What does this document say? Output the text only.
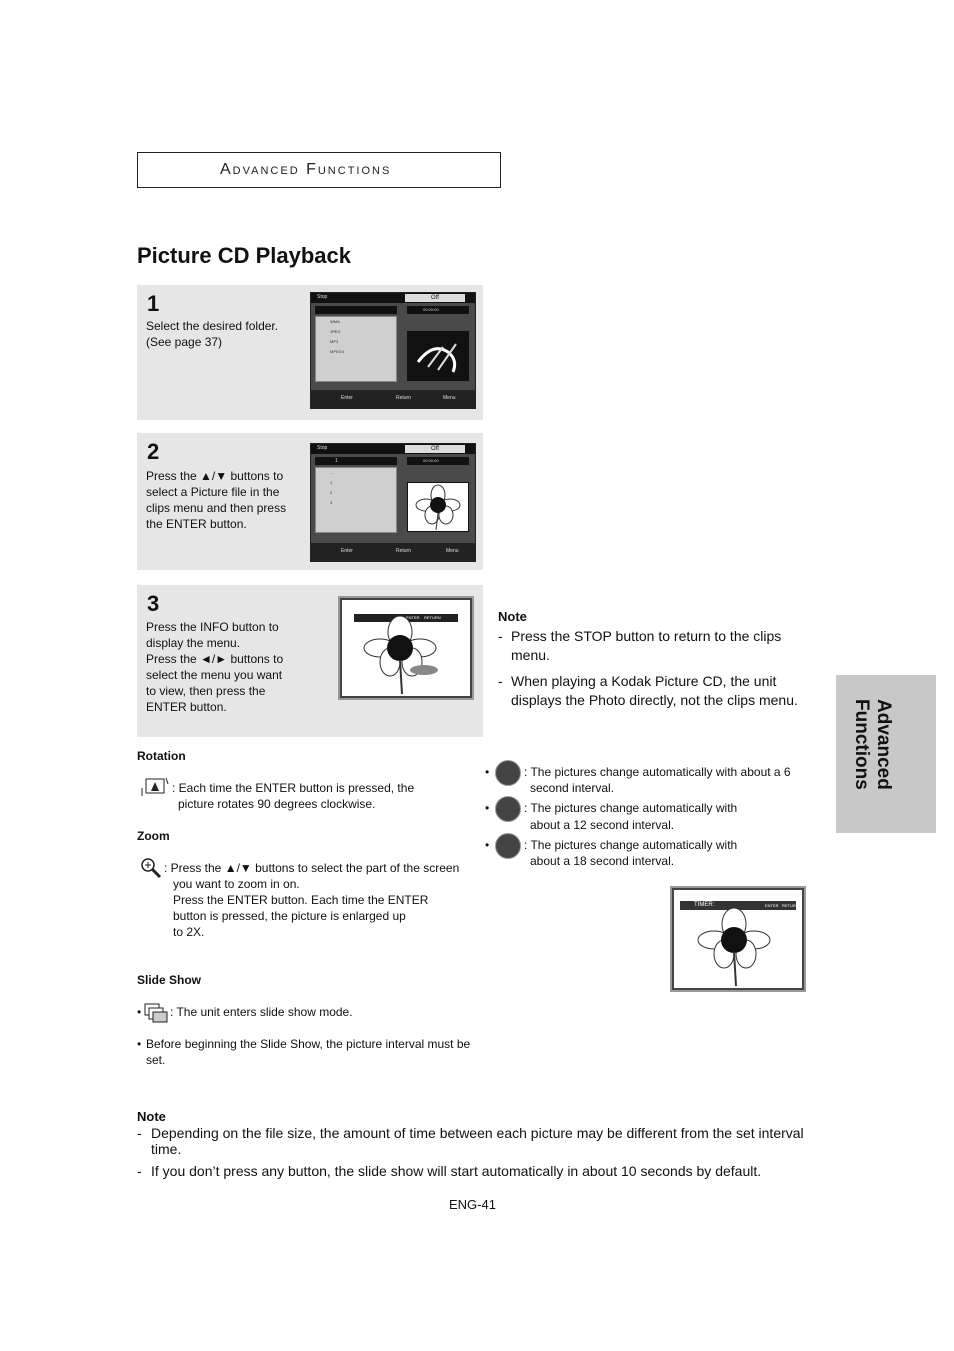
Advanced Functions
Picture CD Playback
1
Select the desired folder.
(See page 37)
Stop	Off
00:00:00
WMA
JPEG
MP3
MPEG4
Enter	Return	Menu
2
Press the ▲/▼ buttons to
select a Picture file in the
clips menu and then press
the ENTER button.
Stop	Off
1	00:00:00
...
1
2
3
Enter	Return	Menu
3
Press the INFO button to
display the menu.
Press the ◄/► buttons to
select the menu you want
to view, then press the
ENTER button.
ENTER RETURN
Rotation
: Each time the ENTER button is pressed, the
picture rotates 90 degrees clockwise.
Zoom
: Press the ▲/▼ buttons to select the part of the screen
you want to zoom in on.
Press the ENTER button. Each time the ENTER
button is pressed, the picture is enlarged up
to 2X.
Slide Show
• : The unit enters slide show mode.
• Before beginning the Slide Show, the picture interval must be
set.
Note
- Press the STOP button to return to the clips
menu.
- When playing a Kodak Picture CD, the unit
displays the Photo directly, not the clips menu.
•	: The pictures change automatically with about a 6
second interval.
•	: The pictures change automatically with
about a 12 second interval.
•	: The pictures change automatically with
about a 18 second interval.
TIMER:	ENTER RETURN
Advanced Functions
Note
- Depending on the file size, the amount of time between each picture may be different from the set interval
time.
- If you don’t press any button, the slide show will start automatically in about 10 seconds by default.
ENG-41
